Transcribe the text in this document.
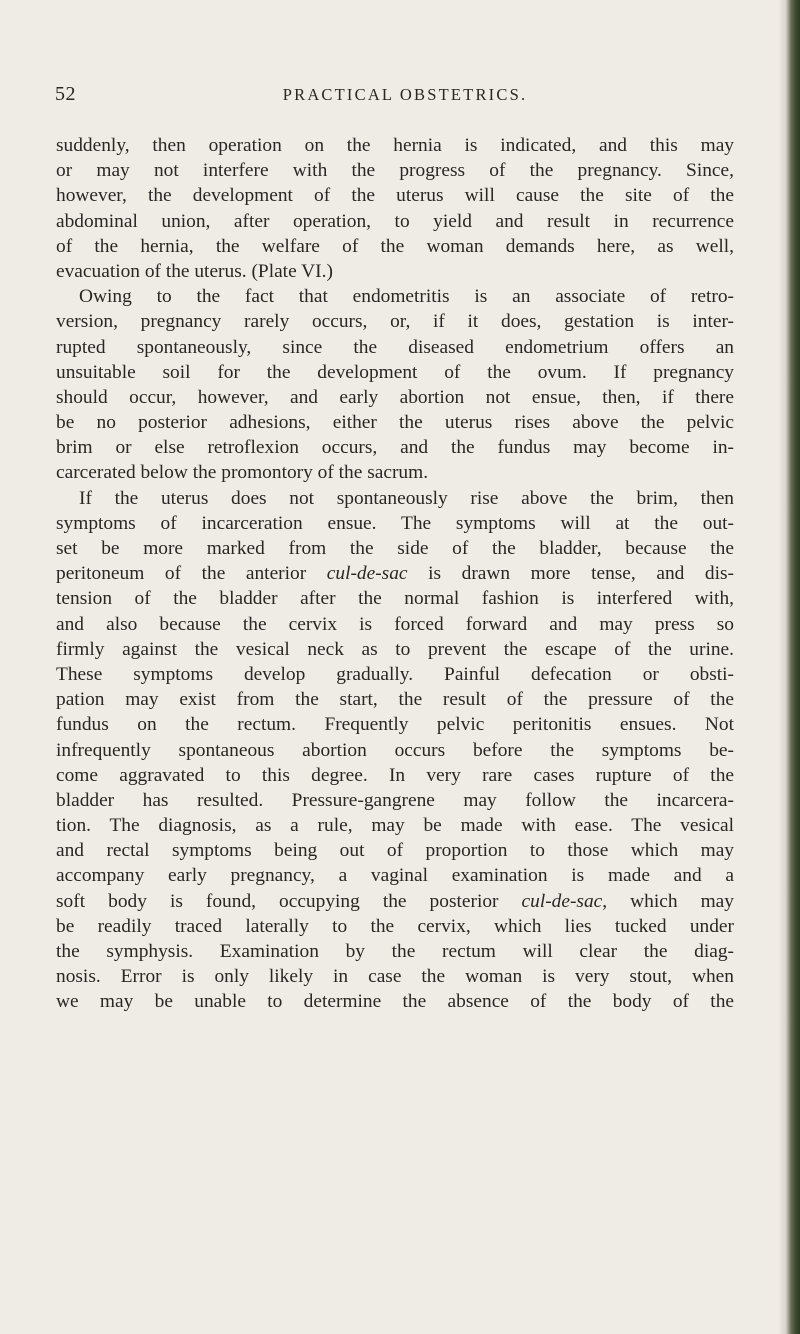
52	PRACTICAL OBSTETRICS.
suddenly, then operation on the hernia is indicated, and this may
or may not interfere with the progress of the pregnancy. Since,
however, the development of the uterus will cause the site of the
abdominal union, after operation, to yield and result in recurrence
of the hernia, the welfare of the woman demands here, as well,
evacuation of the uterus. (Plate VI.)
Owing to the fact that endometritis is an associate of retro-
version, pregnancy rarely occurs, or, if it does, gestation is inter-
rupted spontaneously, since the diseased endometrium offers an
unsuitable soil for the development of the ovum. If pregnancy
should occur, however, and early abortion not ensue, then, if there
be no posterior adhesions, either the uterus rises above the pelvic
brim or else retroflexion occurs, and the fundus may become in-
carcerated below the promontory of the sacrum.
If the uterus does not spontaneously rise above the brim, then
symptoms of incarceration ensue. The symptoms will at the out-
set be more marked from the side of the bladder, because the
peritoneum of the anterior cul-de-sac is drawn more tense, and dis-
tension of the bladder after the normal fashion is interfered with,
and also because the cervix is forced forward and may press so
firmly against the vesical neck as to prevent the escape of the urine.
These symptoms develop gradually. Painful defecation or obsti-
pation may exist from the start, the result of the pressure of the
fundus on the rectum. Frequently pelvic peritonitis ensues. Not
infrequently spontaneous abortion occurs before the symptoms be-
come aggravated to this degree. In very rare cases rupture of the
bladder has resulted. Pressure-gangrene may follow the incarcera-
tion. The diagnosis, as a rule, may be made with ease. The vesical
and rectal symptoms being out of proportion to those which may
accompany early pregnancy, a vaginal examination is made and a
soft body is found, occupying the posterior cul-de-sac, which may
be readily traced laterally to the cervix, which lies tucked under
the symphysis. Examination by the rectum will clear the diag-
nosis. Error is only likely in case the woman is very stout, when
we may be unable to determine the absence of the body of the
